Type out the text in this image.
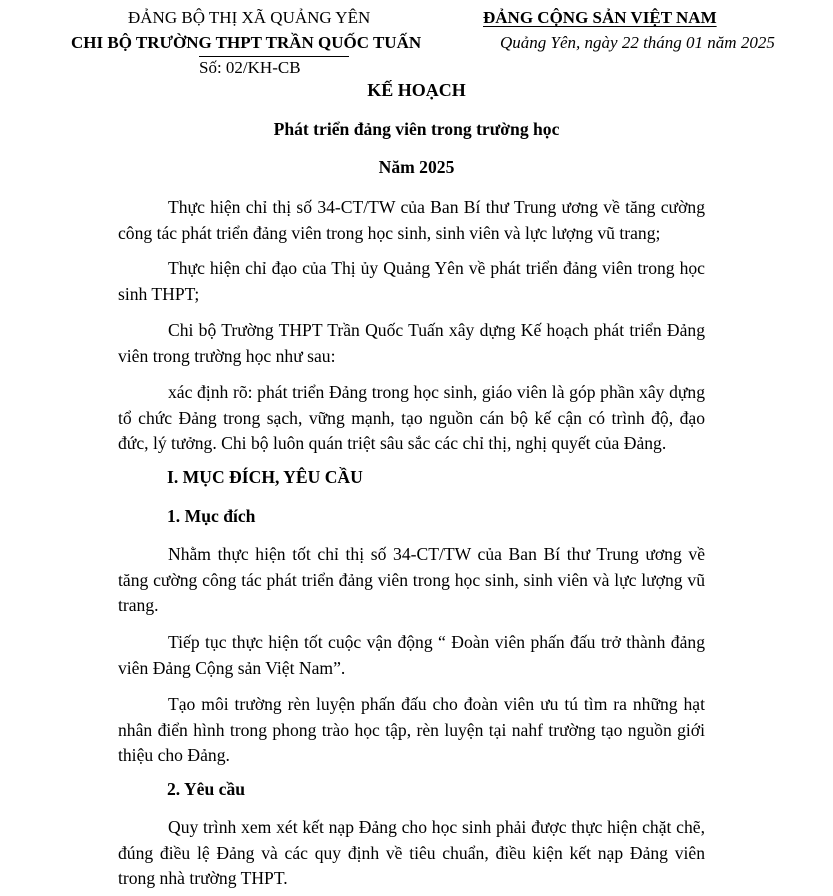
ĐẢNG BỘ THỊ XÃ QUẢNG YÊN
CHI BỘ TRƯỜNG THPT TRẦN QUỐC TUẤN
Số: 02/KH-CB
ĐẢNG CỘNG SẢN VIỆT NAM
Quảng Yên, ngày 22 tháng 01 năm 2025
KẾ HOẠCH
Phát triển đảng viên trong trường học
Năm 2025
Thực hiện chỉ thị số 34-CT/TW của Ban Bí thư Trung ương về tăng cường công tác phát triển đảng viên trong học sinh, sinh viên và lực lượng vũ trang;
Thực hiện chỉ đạo của Thị ủy Quảng Yên về phát triển đảng viên trong học sinh THPT;
Chi bộ Trường THPT Trần Quốc Tuấn xây dựng Kế hoạch phát triển Đảng viên trong trường học như sau:
xác định rõ: phát triển Đảng trong học sinh, giáo viên là góp phần xây dựng tổ chức Đảng trong sạch, vững mạnh, tạo nguồn cán bộ kế cận có trình độ, đạo đức, lý tưởng. Chi bộ luôn quán triệt sâu sắc các chỉ thị, nghị quyết của Đảng.
I. MỤC ĐÍCH, YÊU CẦU
1. Mục đích
Nhằm thực hiện tốt chỉ thị số 34-CT/TW của Ban Bí thư Trung ương về tăng cường công tác phát triển đảng viên trong học sinh, sinh viên và lực lượng vũ trang.
Tiếp tục thực hiện tốt cuộc vận động “ Đoàn viên phấn đấu trở thành đảng viên Đảng Cộng sản Việt Nam”.
Tạo môi trường rèn luyện phấn đấu cho đoàn viên ưu tú tìm ra những hạt nhân điển hình trong phong trào học tập, rèn luyện tại nahf trường tạo nguồn giới thiệu cho Đảng.
2. Yêu cầu
Quy trình xem xét kết nạp Đảng cho học sinh phải được thực hiện chặt chẽ, đúng điều lệ Đảng và các quy định về tiêu chuẩn, điều kiện kết nạp Đảng viên trong nhà trường THPT.
